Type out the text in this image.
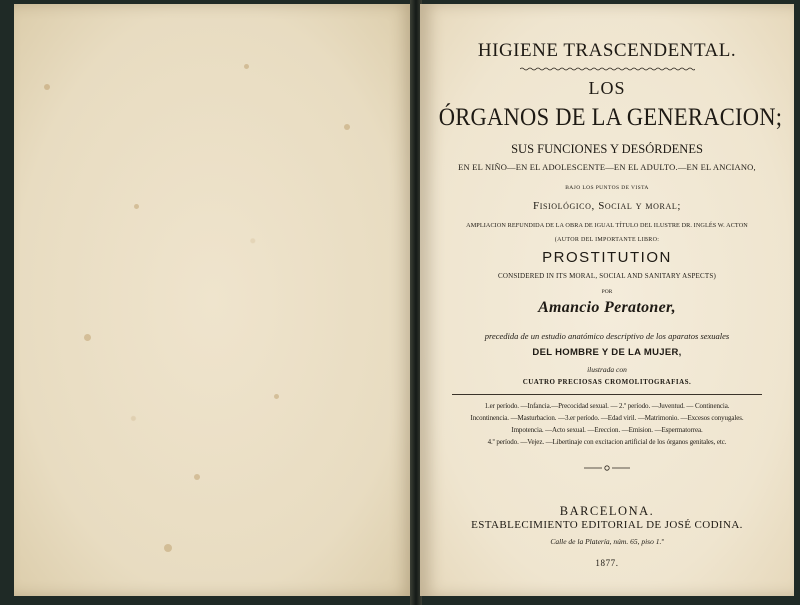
HIGIENE TRASCENDENTAL.
LOS
ÓRGANOS DE LA GENERACION;
SUS FUNCIONES Y DESÓRDENES
EN EL NIÑO—EN EL ADOLESCENTE—EN EL ADULTO.—EN EL ANCIANO,
BAJO LOS PUNTOS DE VISTA
Fisiológico, Social y moral;
AMPLIACION REFUNDIDA DE LA OBRA DE IGUAL TÍTULO DEL ILUSTRE DR. INGLÉS W. ACTON
(AUTOR DEL IMPORTANTE LIBRO:
PROSTITUTION
CONSIDERED IN ITS MORAL, SOCIAL AND SANITARY ASPECTS)
POR
Amancio Peratoner,
precedida de un estudio anatómico descriptivo de los aparatos sexuales
DEL HOMBRE Y DE LA MUJER,
ilustrada con
CUATRO PRECIOSAS CROMOLITOGRAFIAS.
1.er período. —Infancia.—Precocidad sexual. — 2.º período. —Juventud. — Continencia.
Incontinencia. —Masturbacion. —3.er período. —Edad viril. —Matrimonio. —Excesos conyugales.
Impotencia. —Acto sexual. —Ereccion. —Emision. —Espermatorrea.
4.º período. —Vejez. —Libertinaje con excitacion artificial de los órganos genitales, etc.
BARCELONA.
ESTABLECIMIENTO EDITORIAL DE JOSÉ CODINA.
Calle de la Platería, núm. 65, piso 1.º
1877.
